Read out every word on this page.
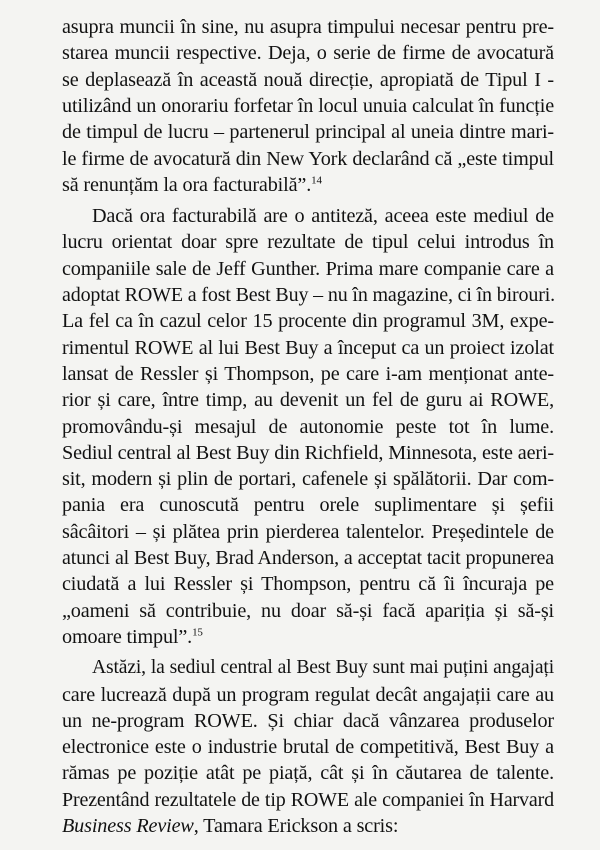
asupra muncii în sine, nu asupra timpului necesar pentru pre-
starea muncii respective. Deja, o serie de firme de avocatură
se deplasează în această nouă direcție, apropiată de Tipul I -
utilizând un onorariu forfetar în locul unuia calculat în funcție
de timpul de lucru – partenerul principal al uneia dintre mari-
le firme de avocatură din New York declarând că „este timpul
să renunțăm la ora facturabilă”.$^{14}$
Dacă ora facturabilă are o antiteză, aceea este mediul de
lucru orientat doar spre rezultate de tipul celui introdus în
companiile sale de Jeff Gunther. Prima mare companie care a
adoptat ROWE a fost Best Buy – nu în magazine, ci în birouri.
La fel ca în cazul celor 15 procente din programul 3M, expe-
rimentul ROWE al lui Best Buy a început ca un proiect izolat
lansat de Ressler și Thompson, pe care i-am menționat ante-
rior și care, între timp, au devenit un fel de guru ai ROWE,
promovându-și mesajul de autonomie peste tot în lume.
Sediul central al Best Buy din Richfield, Minnesota, este aeri-
sit, modern și plin de portari, cafenele și spălătorii. Dar com-
pania era cunoscută pentru orele suplimentare și șefii
sâcâitori – și plătea prin pierderea talentelor. Președintele de
atunci al Best Buy, Brad Anderson, a acceptat tacit propunerea
ciudată a lui Ressler și Thompson, pentru că îi încuraja pe
„oameni să contribuie, nu doar să-și facă apariția și să-și
omoare timpul”.$^{15}$
Astăzi, la sediul central al Best Buy sunt mai puțini angajați
care lucrează după un program regulat decât angajații care au
un ne-program ROWE. Și chiar dacă vânzarea produselor
electronice este o industrie brutal de competitivă, Best Buy a
rămas pe poziție atât pe piață, cât și în căutarea de talente.
Prezentând rezultatele de tip ROWE ale companiei în Harvard
Business Review, Tamara Erickson a scris:
